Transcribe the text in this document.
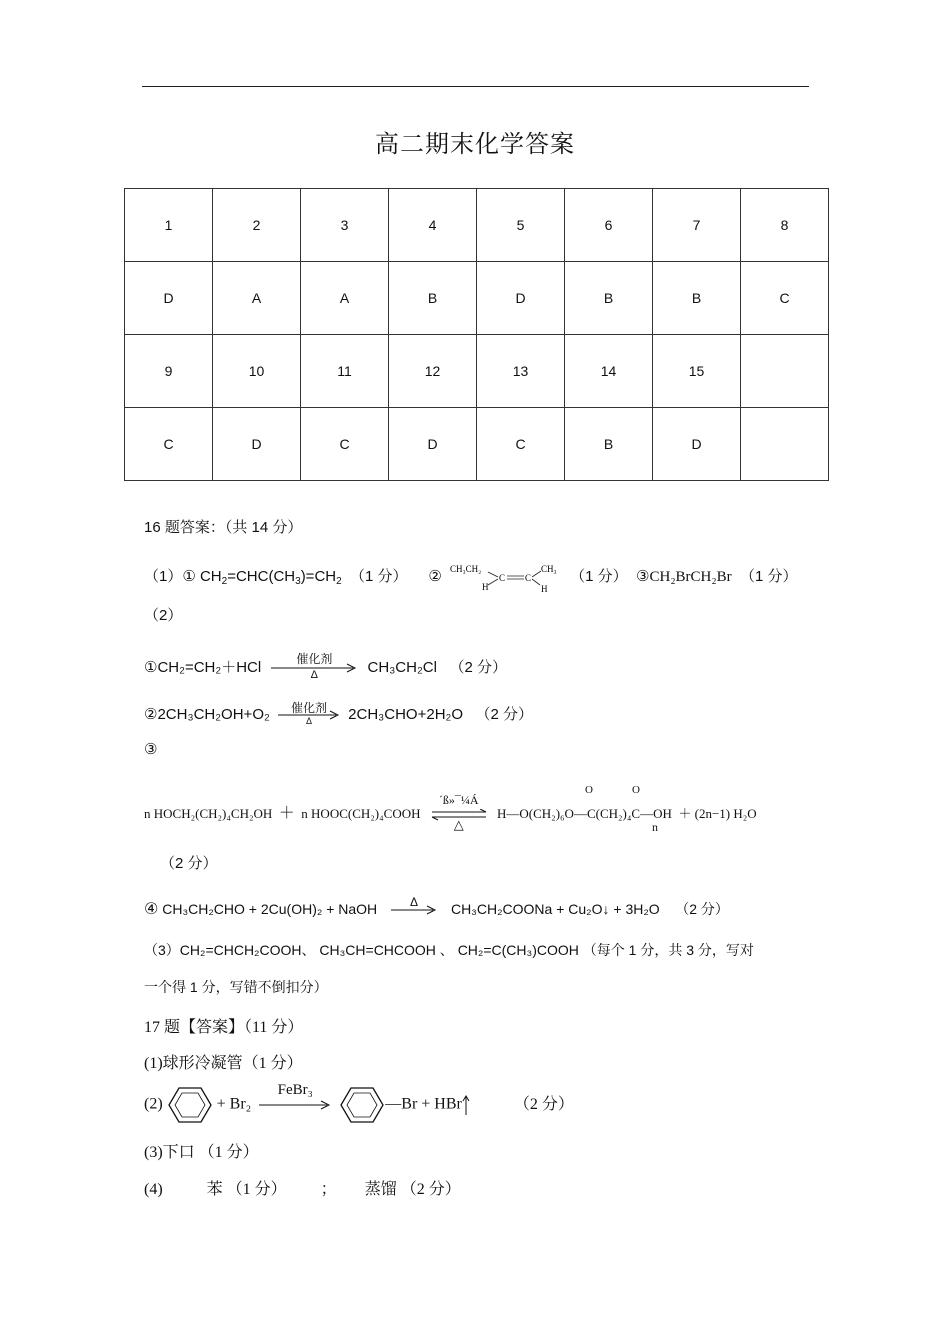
高二期末化学答案
1	2	3	4	5	6	7	8
D	A	A	B	D	B	B	C
9	10	11	12	13	14	15	
C	D	C	D	C	B	D	
16 题答案：（共 14 分）
（1）① $CH_2=CHC(CH_3)=CH_2$ （1 分） ② CH₃CH₂
H
C C
CH₃
H
（1 分） ③CH₂BrCH₂Br （1 分）
（2）
①CH₂=CH₂＋HCl	催化剂
Δ	CH₃CH₂Cl （2 分）
②2CH₃CH₂OH+O₂	催化剂
Δ	2CH₃CHO+2H₂O （2 分）
③
n HOCH₂(CH₂)₄CH₂OH ＋ n HOOC(CH₂)₄COOH
´ß»¯¼Á
△

O	O
H—O(CH₂)₆O—C(CH₂)₄C—OH
n
＋ (2n−1) H₂O
（2 分）
④ CH₃CH₂CHO + 2Cu(OH)₂ + NaOH	Δ	CH₃CH₂COONa + Cu₂O↓ + 3H₂O （2 分）
（3）CH₂=CHCH₂COOH、 CH₃CH=CHCOOH 、 CH₂=C(CH₃)COOH （每个 1 分，共 3 分，写对
一个得 1 分，写错不倒扣分）
17 题【答案】（11 分）
(1)球形冷凝管（1 分）
(2)	+ Br₂
FeBr₃
—Br + HBr	（2 分）
(3)下口 （1 分）
(4)	苯 （1 分） ； 蒸馏 （2 分）
